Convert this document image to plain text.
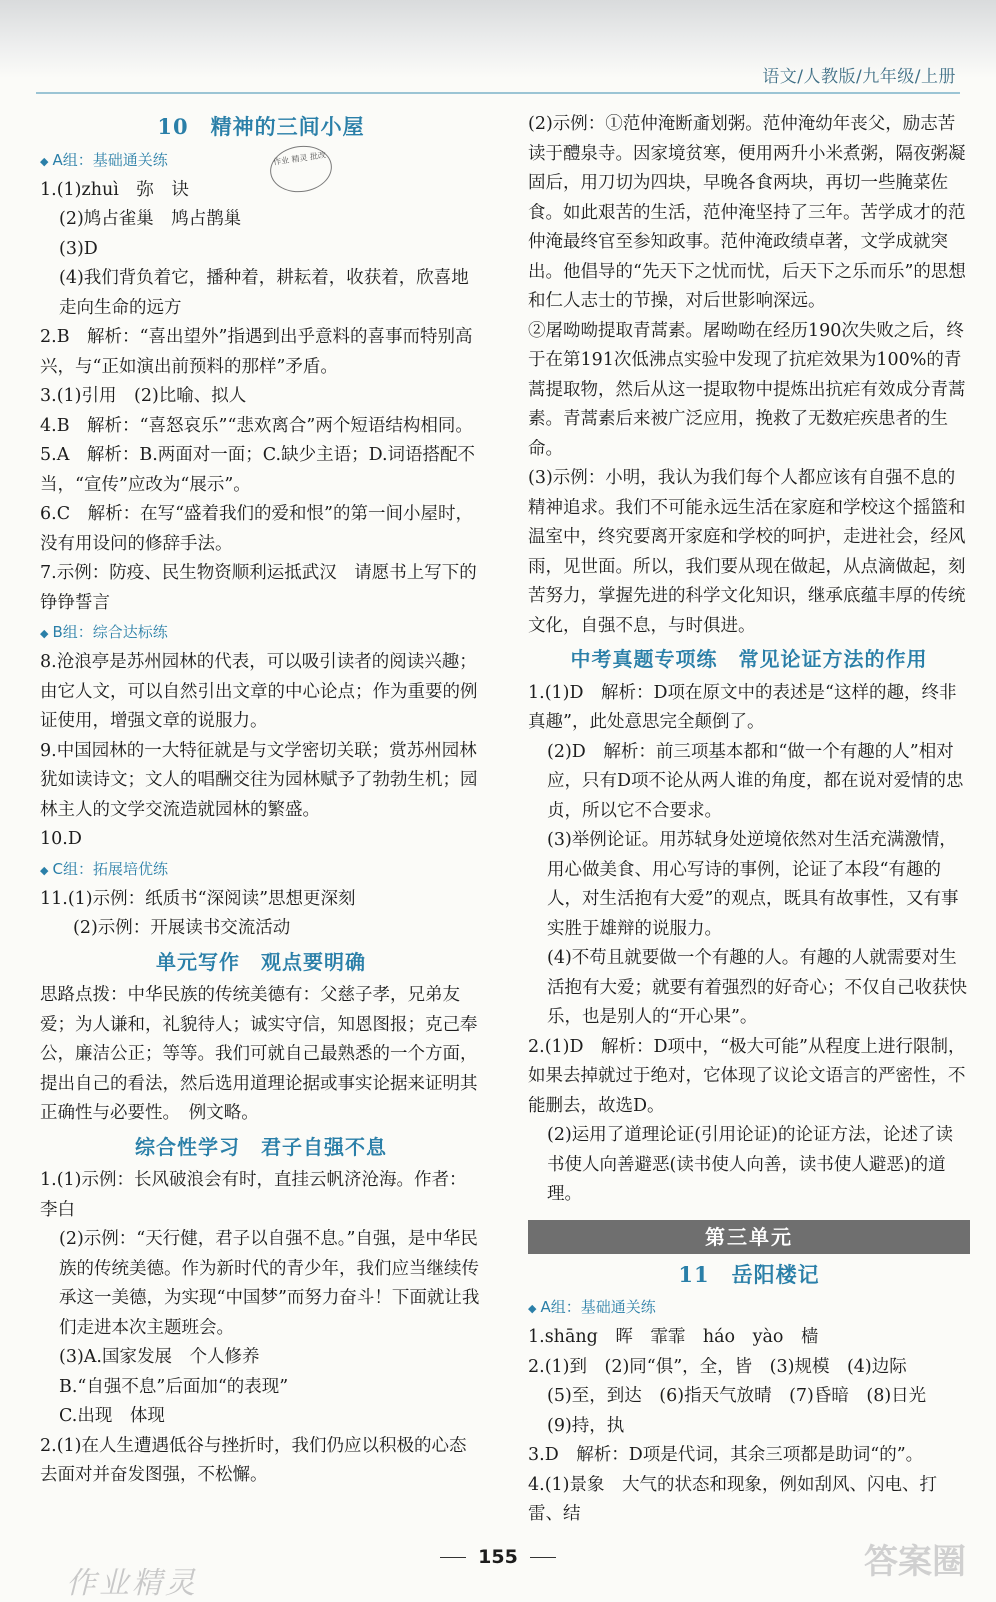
语文/人教版/九年级/上册
作业 精灵 批改
10　精神的三间小屋
◆ A组：基础通关练

1.(1)zhuì　弥　诀

(2)鸠占雀巢　鸠占鹊巢

(3)D

(4)我们背负着它，播种着，耕耘着，收获着，欣喜地走向生命的远方

2.B　解析：“喜出望外”指遇到出乎意料的喜事而特别高兴，与“正如演出前预料的那样”矛盾。

3.(1)引用　(2)比喻、拟人

4.B　解析：“喜怒哀乐”“悲欢离合”两个短语结构相同。

5.A　解析：B.两面对一面；C.缺少主语；D.词语搭配不当，“宣传”应改为“展示”。

6.C　解析：在写“盛着我们的爱和恨”的第一间小屋时，没有用设问的修辞手法。

7.示例：防疫、民生物资顺利运抵武汉　请愿书上写下的铮铮誓言

◆ B组：综合达标练

8.沧浪亭是苏州园林的代表，可以吸引读者的阅读兴趣；由它人文，可以自然引出文章的中心论点；作为重要的例证使用，增强文章的说服力。

9.中国园林的一大特征就是与文学密切关联；赏苏州园林犹如读诗文；文人的唱酬交往为园林赋予了勃勃生机；园林主人的文学交流造就园林的繁盛。

10.D

◆ C组：拓展培优练

11.(1)示例：纸质书“深阅读”思想更深刻

(2)示例：开展读书交流活动

单元写作　观点要明确

思路点拨：中华民族的传统美德有：父慈子孝，兄弟友爱；为人谦和，礼貌待人；诚实守信，知恩图报；克己奉公，廉洁公正；等等。我们可就自己最熟悉的一个方面，提出自己的看法，然后选用道理论据或事实论据来证明其正确性与必要性。　例文略。

综合性学习　君子自强不息

1.(1)示例：长风破浪会有时，直挂云帆济沧海。作者：李白

(2)示例：“天行健，君子以自强不息。”自强，是中华民族的传统美德。作为新时代的青少年，我们应当继续传承这一美德，为实现“中国梦”而努力奋斗！下面就让我们走进本次主题班会。

(3)A.国家发展　个人修养

B.“自强不息”后面加“的表现”

C.出现　体现

2.(1)在人生遭遇低谷与挫折时，我们仍应以积极的心态去面对并奋发图强，不松懈。

(2)示例：①范仲淹断齑划粥。范仲淹幼年丧父，励志苦读于醴泉寺。因家境贫寒，便用两升小米煮粥，隔夜粥凝固后，用刀切为四块，早晚各食两块，再切一些腌菜佐食。如此艰苦的生活，范仲淹坚持了三年。苦学成才的范仲淹最终官至参知政事。范仲淹政绩卓著，文学成就突出。他倡导的“先天下之忧而忧，后天下之乐而乐”的思想和仁人志士的节操，对后世影响深远。

②屠呦呦提取青蒿素。屠呦呦在经历190次失败之后，终于在第191次低沸点实验中发现了抗疟效果为100%的青蒿提取物，然后从这一提取物中提炼出抗疟有效成分青蒿素。青蒿素后来被广泛应用，挽救了无数疟疾患者的生命。

(3)示例：小明，我认为我们每个人都应该有自强不息的精神追求。我们不可能永远生活在家庭和学校这个摇篮和温室中，终究要离开家庭和学校的呵护，走进社会，经风雨，见世面。所以，我们要从现在做起，从点滴做起，刻苦努力，掌握先进的科学文化知识，继承底蕴丰厚的传统文化，自强不息，与时俱进。

中考真题专项练　常见论证方法的作用

1.(1)D　解析：D项在原文中的表述是“这样的趣，终非真趣”，此处意思完全颠倒了。

(2)D　解析：前三项基本都和“做一个有趣的人”相对应，只有D项不论从两人谁的角度，都在说对爱情的忠贞，所以它不合要求。

(3)举例论证。用苏轼身处逆境依然对生活充满激情，用心做美食、用心写诗的事例，论证了本段“有趣的人，对生活抱有大爱”的观点，既具有故事性，又有事实胜于雄辩的说服力。

(4)不苟且就要做一个有趣的人。有趣的人就需要对生活抱有大爱；就要有着强烈的好奇心；不仅自己收获快乐，也是别人的“开心果”。

2.(1)D　解析：D项中，“极大可能”从程度上进行限制，如果去掉就过于绝对，它体现了议论文语言的严密性，不能删去，故选D。

(2)运用了道理论证(引用论证)的论证方法，论述了读书使人向善避恶(读书使人向善，读书使人避恶)的道理。

第三单元
11　岳阳楼记
◆ A组：基础通关练

1.shāng　晖　霏霏　háo　yào　樯

2.(1)到　(2)同“俱”，全，皆　(3)规模　(4)边际

(5)至，到达　(6)指天气放晴　(7)昏暗　(8)日光

(9)持，执

3.D　解析：D项是代词，其余三项都是助词“的”。

4.(1)景象　大气的状态和现象，例如刮风、闪电、打雷、结

155
作业精灵
答案圈
